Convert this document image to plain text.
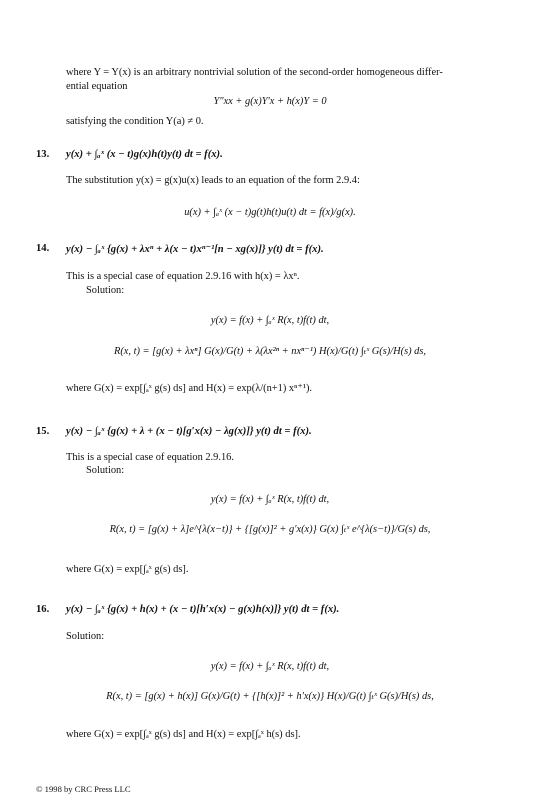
where Y = Y(x) is an arbitrary nontrivial solution of the second-order homogeneous differ-
ential equation
Y″xx + g(x)Y′x + h(x)Y = 0
satisfying the condition Y(a) ≠ 0.
13. y(x) + ∫ₐˣ (x − t)g(x)h(t)y(t) dt = f(x).
The substitution y(x) = g(x)u(x) leads to an equation of the form 2.9.4:
u(x) + ∫ₐˣ (x − t)g(t)h(t)u(t) dt = f(x)/g(x).
14. y(x) − ∫ₐˣ {g(x) + λxⁿ + λ(x − t)xⁿ⁻¹[n − xg(x)]} y(t) dt = f(x).
This is a special case of equation 2.9.16 with h(x) = λxⁿ.
Solution:
y(x) = f(x) + ∫ₐˣ R(x, t)f(t) dt,
R(x, t) = [g(x) + λxⁿ] G(x)/G(t) + λ(λx²ⁿ + nxⁿ⁻¹) H(x)/G(t) ∫ₜˣ G(s)/H(s) ds,
where G(x) = exp[∫ₐˣ g(s) ds] and H(x) = exp(λ/(n+1) xⁿ⁺¹).
15. y(x) − ∫ₐˣ {g(x) + λ + (x − t)[g′x(x) − λg(x)]} y(t) dt = f(x).
This is a special case of equation 2.9.16.
Solution:
y(x) = f(x) + ∫ₐˣ R(x, t)f(t) dt,
R(x, t) = [g(x) + λ]e^{λ(x−t)} + {[g(x)]² + g′x(x)} G(x) ∫ₜˣ e^{λ(s−t)}/G(s) ds,
where G(x) = exp[∫ₐˣ g(s) ds].
16. y(x) − ∫ₐˣ {g(x) + h(x) + (x − t)[h′x(x) − g(x)h(x)]} y(t) dt = f(x).
Solution:
y(x) = f(x) + ∫ₐˣ R(x, t)f(t) dt,
R(x, t) = [g(x) + h(x)] G(x)/G(t) + {[h(x)]² + h′x(x)} H(x)/G(t) ∫ₜˣ G(s)/H(s) ds,
where G(x) = exp[∫ₐˣ g(s) ds] and H(x) = exp[∫ₐˣ h(s) ds].
© 1998 by CRC Press LLC
